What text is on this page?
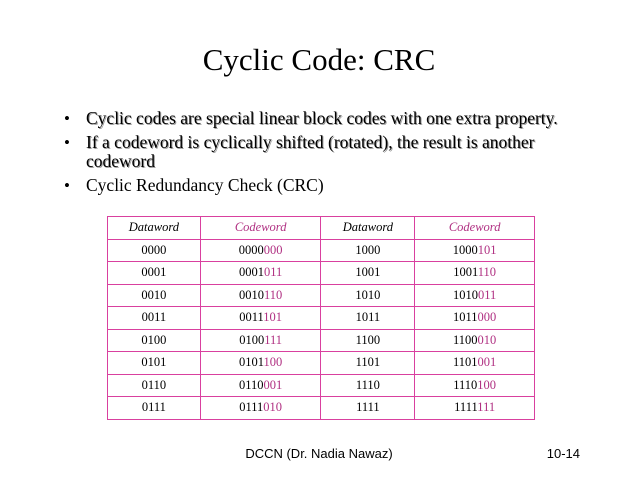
Cyclic Code: CRC
• Cyclic codes are special linear block codes with one extra property.
• If a codeword is cyclically shifted (rotated), the result is another codeword
• Cyclic Redundancy Check (CRC)
Dataword	Codeword	Dataword	Codeword
0000	0000000	1000	1000101
0001	0001011	1001	1001110
0010	0010110	1010	1010011
0011	0011101	1011	1011000
0100	0100111	1100	1100010
0101	0101100	1101	1101001
0110	0110001	1110	1110100
0111	0111010	1111	1111111
DCCN (Dr. Nadia Nawaz)	10-14
